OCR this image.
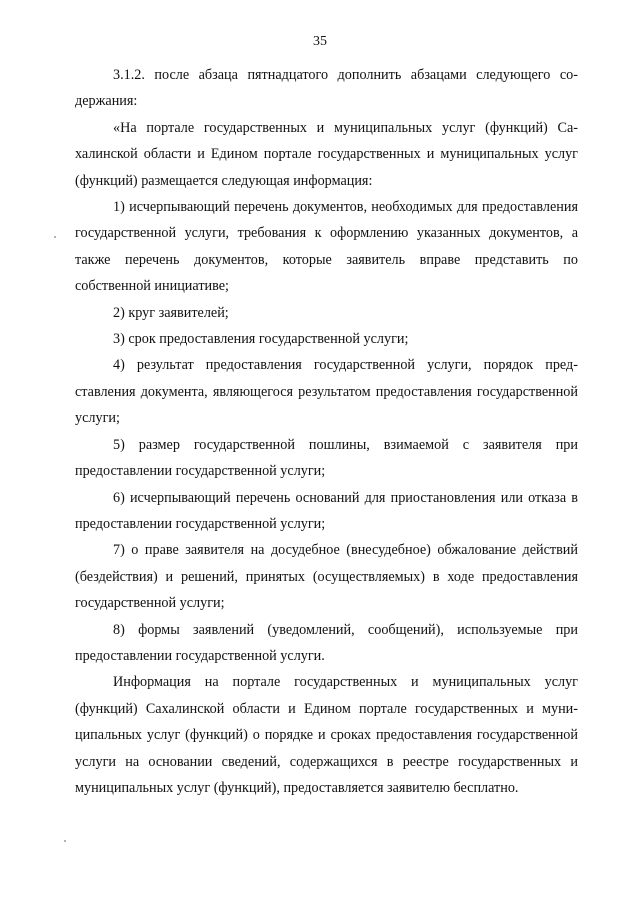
35

3.1.2. после абзаца пятнадцатого дополнить абзацами следующего содержания:

«На портале государственных и муниципальных услуг (функций) Сахалинской области и Едином портале государственных и муниципальных услуг (функций) размещается следующая информация:

1) исчерпывающий перечень документов, необходимых для предоставления государственной услуги, требования к оформлению указанных документов, а также перечень документов, которые заявитель вправе представить по собственной инициативе;

2) круг заявителей;

3) срок предоставления государственной услуги;

4) результат предоставления государственной услуги, порядок представления документа, являющегося результатом предоставления государственной услуги;

5) размер государственной пошлины, взимаемой с заявителя при предоставлении государственной услуги;

6) исчерпывающий перечень оснований для приостановления или отказа в предоставлении государственной услуги;

7) о праве заявителя на досудебное (внесудебное) обжалование действий (бездействия) и решений, принятых (осуществляемых) в ходе предоставления государственной услуги;

8) формы заявлений (уведомлений, сообщений), используемые при предоставлении государственной услуги.

Информация на портале государственных и муниципальных услуг (функций) Сахалинской области и Едином портале государственных и муниципальных услуг (функций) о порядке и сроках предоставления государственной услуги на основании сведений, содержащихся в реестре государственных и муниципальных услуг (функций), предоставляется заявителю бесплатно.
